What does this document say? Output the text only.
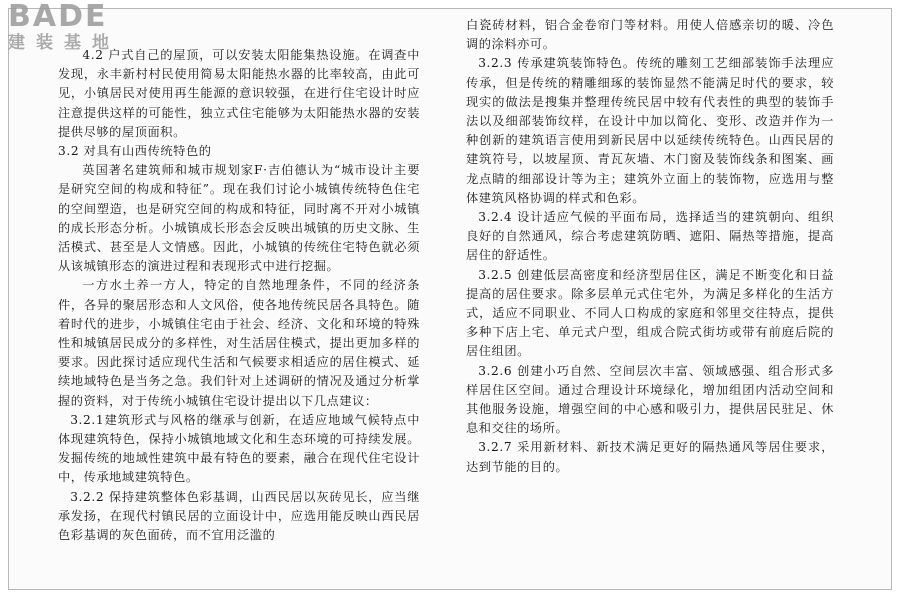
BADE
建装基地

4.2 户式自己的屋顶，可以安装太阳能集热设施。在调查中发现，永丰新村村民使用简易太阳能热水器的比率较高，由此可见，小镇居民对使用再生能源的意识较强，在进行住宅设计时应注意提供这样的可能性，独立式住宅能够为太阳能热水器的安装提供尽够的屋顶面积。

3.2 对具有山西传统特色的

英国著名建筑师和城市规划家F·吉伯德认为“城市设计主要是研究空间的构成和特征”。现在我们讨论小城镇传统特色住宅的空间塑造，也是研究空间的构成和特征，同时离不开对小城镇的成长形态分析。小城镇成长形态会反映出城镇的历史文脉、生活模式、甚至是人文情感。因此，小城镇的传统住宅特色就必须从该城镇形态的演进过程和表现形式中进行挖掘。

一方水土养一方人，特定的自然地理条件，不同的经济条件，各异的聚居形态和人文风俗，使各地传统民居各具特色。随着时代的进步，小城镇住宅由于社会、经济、文化和环境的特殊性和城镇居民成分的多样性，对生活居住模式，提出更加多样的要求。因此探讨适应现代生活和气候要求相适应的居住模式、延续地域特色是当务之急。我们针对上述调研的情况及通过分析掌握的资料，对于传统小城镇住宅设计提出以下几点建议：

3.2.1建筑形式与风格的继承与创新，在适应地域气候特点中体现建筑特色，保持小城镇地域文化和生态环境的可持续发展。发掘传统的地域性建筑中最有特色的要素，融合在现代住宅设计中，传承地域建筑特色。

3.2.2 保持建筑整体色彩基调，山西民居以灰砖见长，应当继承发扬，在现代村镇民居的立面设计中，应选用能反映山西民居色彩基调的灰色面砖，而不宜用泛滥的

白瓷砖材料，铝合金卷帘门等材料。用使人倍感亲切的暖、冷色调的涂料亦可。

3.2.3 传承建筑装饰特色。传统的雕刻工艺细部装饰手法理应传承，但是传统的精雕细琢的装饰显然不能满足时代的要求，较现实的做法是搜集并整理传统民居中较有代表性的典型的装饰手法以及细部装饰纹样，在设计中加以简化、变形、改造并作为一种创新的建筑语言使用到新民居中以延续传统特色。山西民居的建筑符号，以坡屋顶、青瓦灰墙、木门窗及装饰线条和图案、画龙点睛的细部设计等为主；建筑外立面上的装饰物，应选用与整体建筑风格协调的样式和色彩。

3.2.4 设计适应气候的平面布局，选择适当的建筑朝向、组织良好的自然通风，综合考虑建筑防晒、遮阳、隔热等措施，提高居住的舒适性。

3.2.5 创建低层高密度和经济型居住区，满足不断变化和日益提高的居住要求。除多层单元式住宅外，为满足多样化的生活方式，适应不同职业、不同人口构成的家庭和邻里交往特点，提供多种下店上宅、单元式户型，组成合院式街坊或带有前庭后院的居住组团。

3.2.6 创建小巧自然、空间层次丰富、领域感强、组合形式多样居住区空间。通过合理设计环境绿化，增加组团内活动空间和其他服务设施，增强空间的中心感和吸引力，提供居民驻足、休息和交往的场所。

3.2.7 采用新材料、新技术满足更好的隔热通风等居住要求，达到节能的目的。
